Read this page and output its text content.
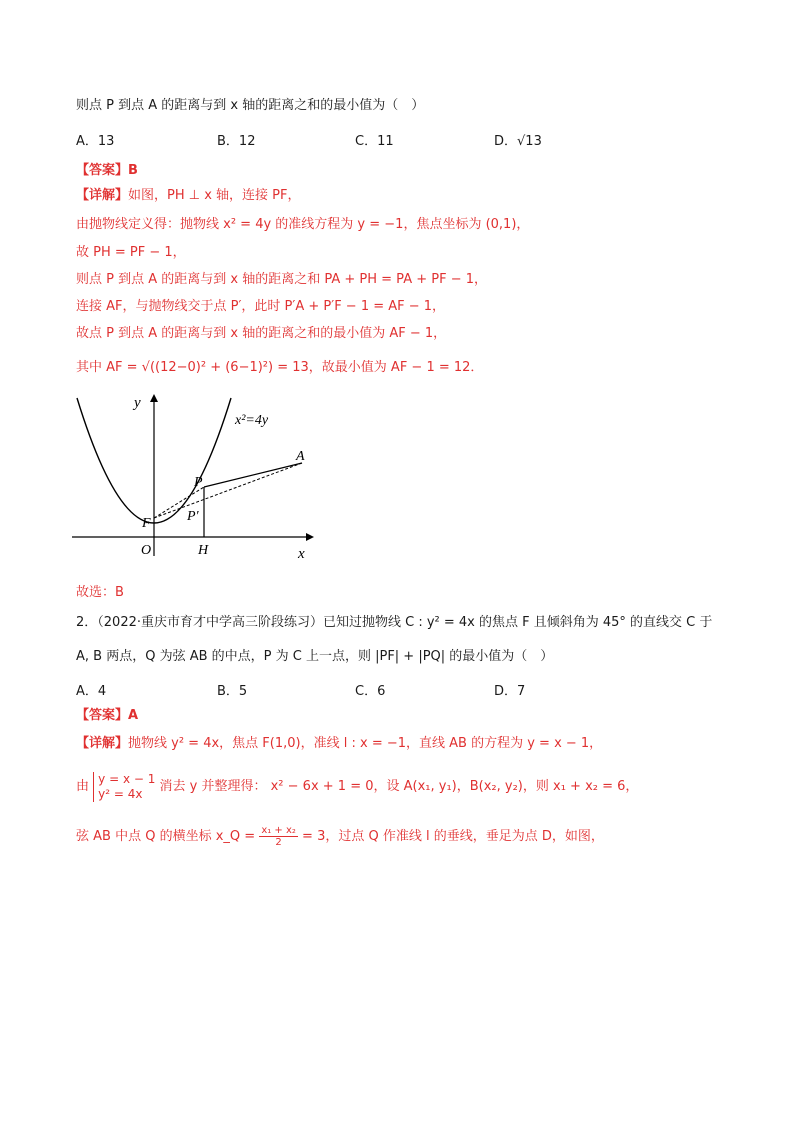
则点 P 到点 A 的距离与到 x 轴的距离之和的最小值为（　）
A．13	B．12	C．11	D．√13
【答案】B
【详解】如图，PH ⊥ x 轴，连接 PF，
由抛物线定义得：抛物线 x² = 4y 的准线方程为 y = −1，焦点坐标为 (0,1)，
故 PH = PF − 1，
则点 P 到点 A 的距离与到 x 轴的距离之和 PA + PH = PA + PF − 1，
连接 AF，与抛物线交于点 P′，此时 P′A + P′F − 1 = AF − 1，
故点 P 到点 A 的距离与到 x 轴的距离之和的最小值为 AF − 1，
其中 AF = √((12−0)² + (6−1)²) = 13，故最小值为 AF − 1 = 12．
y
x
x²=4y
O
F
P
P′
H
A
故选：B
2．（2022·重庆市育才中学高三阶段练习）已知过抛物线 C : y² = 4x 的焦点 F 且倾斜角为 45° 的直线交 C 于
A, B 两点，Q 为弦 AB 的中点，P 为 C 上一点，则 |PF| + |PQ| 的最小值为（　）
A．4	B．5	C．6	D．7
【答案】A
【详解】抛物线 y² = 4x，焦点 F(1,0)，准线 l : x = −1，直线 AB 的方程为 y = x − 1，
由
y = x − 1
y² = 4x	消去 y 并整理得： x² − 6x + 1 = 0，设 A(x₁, y₁)，B(x₂, y₂)，则 x₁ + x₂ = 6，
弦 AB 中点 Q 的横坐标 x_Q = $\frac{\text{x₁ + x₂}}{2} = 3$，过点 Q 作准线 l 的垂线，垂足为点 D，如图，
